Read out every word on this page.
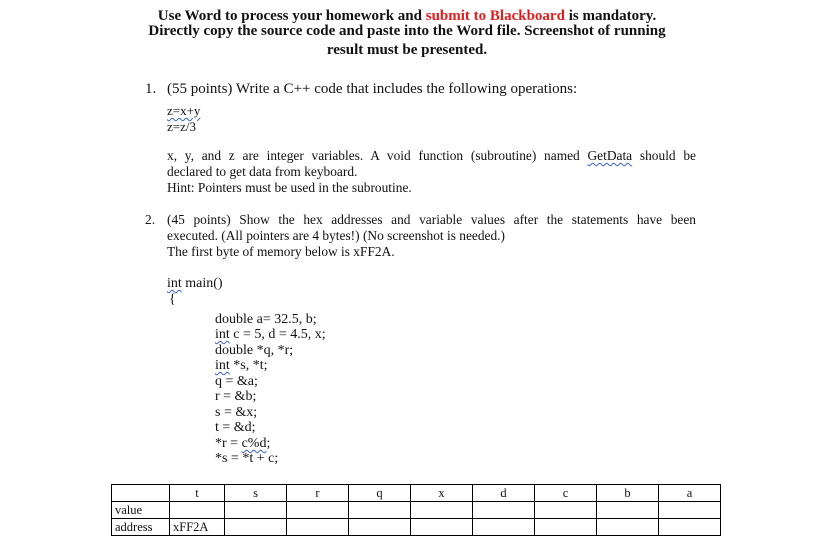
Use Word to process your homework and submit to Blackboard is mandatory.
Directly copy the source code and paste into the Word file. Screenshot of running
result must be presented.
1. (55 points) Write a C++ code that includes the following operations:
z=x+y
z=z/3
x, y, and z are integer variables. A void function (subroutine) named GetData should be
declared to get data from keyboard.
Hint: Pointers must be used in the subroutine.
2. (45 points) Show the hex addresses and variable values after the statements have been
executed. (All pointers are 4 bytes!) (No screenshot is needed.)
The first byte of memory below is xFF2A.
int main()
{
double a= 32.5, b;
int c = 5, d = 4.5, x;
double *q, *r;
int *s, *t;
q = &a;
r = &b;
s = &x;
t = &d;
*r = c%d;
*s = *t + c;
	t	s	r	q	x	d	c	b	a
value									
address	xFF2A								
